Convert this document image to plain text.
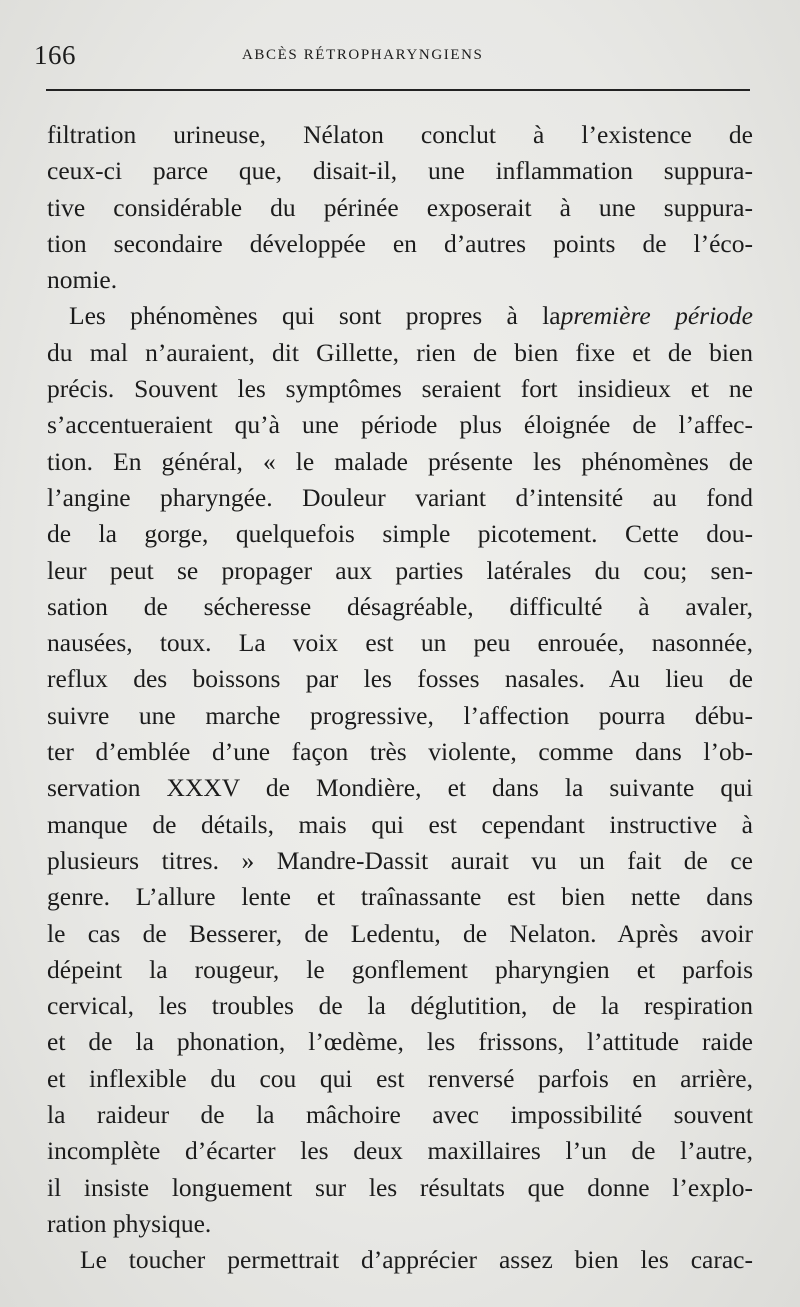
166	ABCÈS RÉTROPHARYNGIENS
filtration urineuse, Nélaton conclut à l’existence de
ceux-ci parce que, disait-il, une inflammation suppura-
tive considérable du périnée exposerait à une suppura-
tion secondaire développée en d’autres points de l’éco-
nomie.
Les phénomènes qui sont propres à lapremière période
du mal n’auraient, dit Gillette, rien de bien fixe et de bien
précis. Souvent les symptômes seraient fort insidieux et ne
s’accentueraient qu’à une période plus éloignée de l’affec-
tion. En général, « le malade présente les phénomènes de
l’angine pharyngée. Douleur variant d’intensité au fond
de la gorge, quelquefois simple picotement. Cette dou-
leur peut se propager aux parties latérales du cou; sen-
sation de sécheresse désagréable, difficulté à avaler,
nausées, toux. La voix est un peu enrouée, nasonnée,
reflux des boissons par les fosses nasales. Au lieu de
suivre une marche progressive, l’affection pourra débu-
ter d’emblée d’une façon très violente, comme dans l’ob-
servation XXXV de Mondière, et dans la suivante qui
manque de détails, mais qui est cependant instructive à
plusieurs titres. » Mandre-Dassit aurait vu un fait de ce
genre. L’allure lente et traînassante est bien nette dans
le cas de Besserer, de Ledentu, de Nelaton. Après avoir
dépeint la rougeur, le gonflement pharyngien et parfois
cervical, les troubles de la déglutition, de la respiration
et de la phonation, l’œdème, les frissons, l’attitude raide
et inflexible du cou qui est renversé parfois en arrière,
la raideur de la mâchoire avec impossibilité souvent
incomplète d’écarter les deux maxillaires l’un de l’autre,
il insiste longuement sur les résultats que donne l’explo-
ration physique.
Le toucher permettrait d’apprécier assez bien les carac-
